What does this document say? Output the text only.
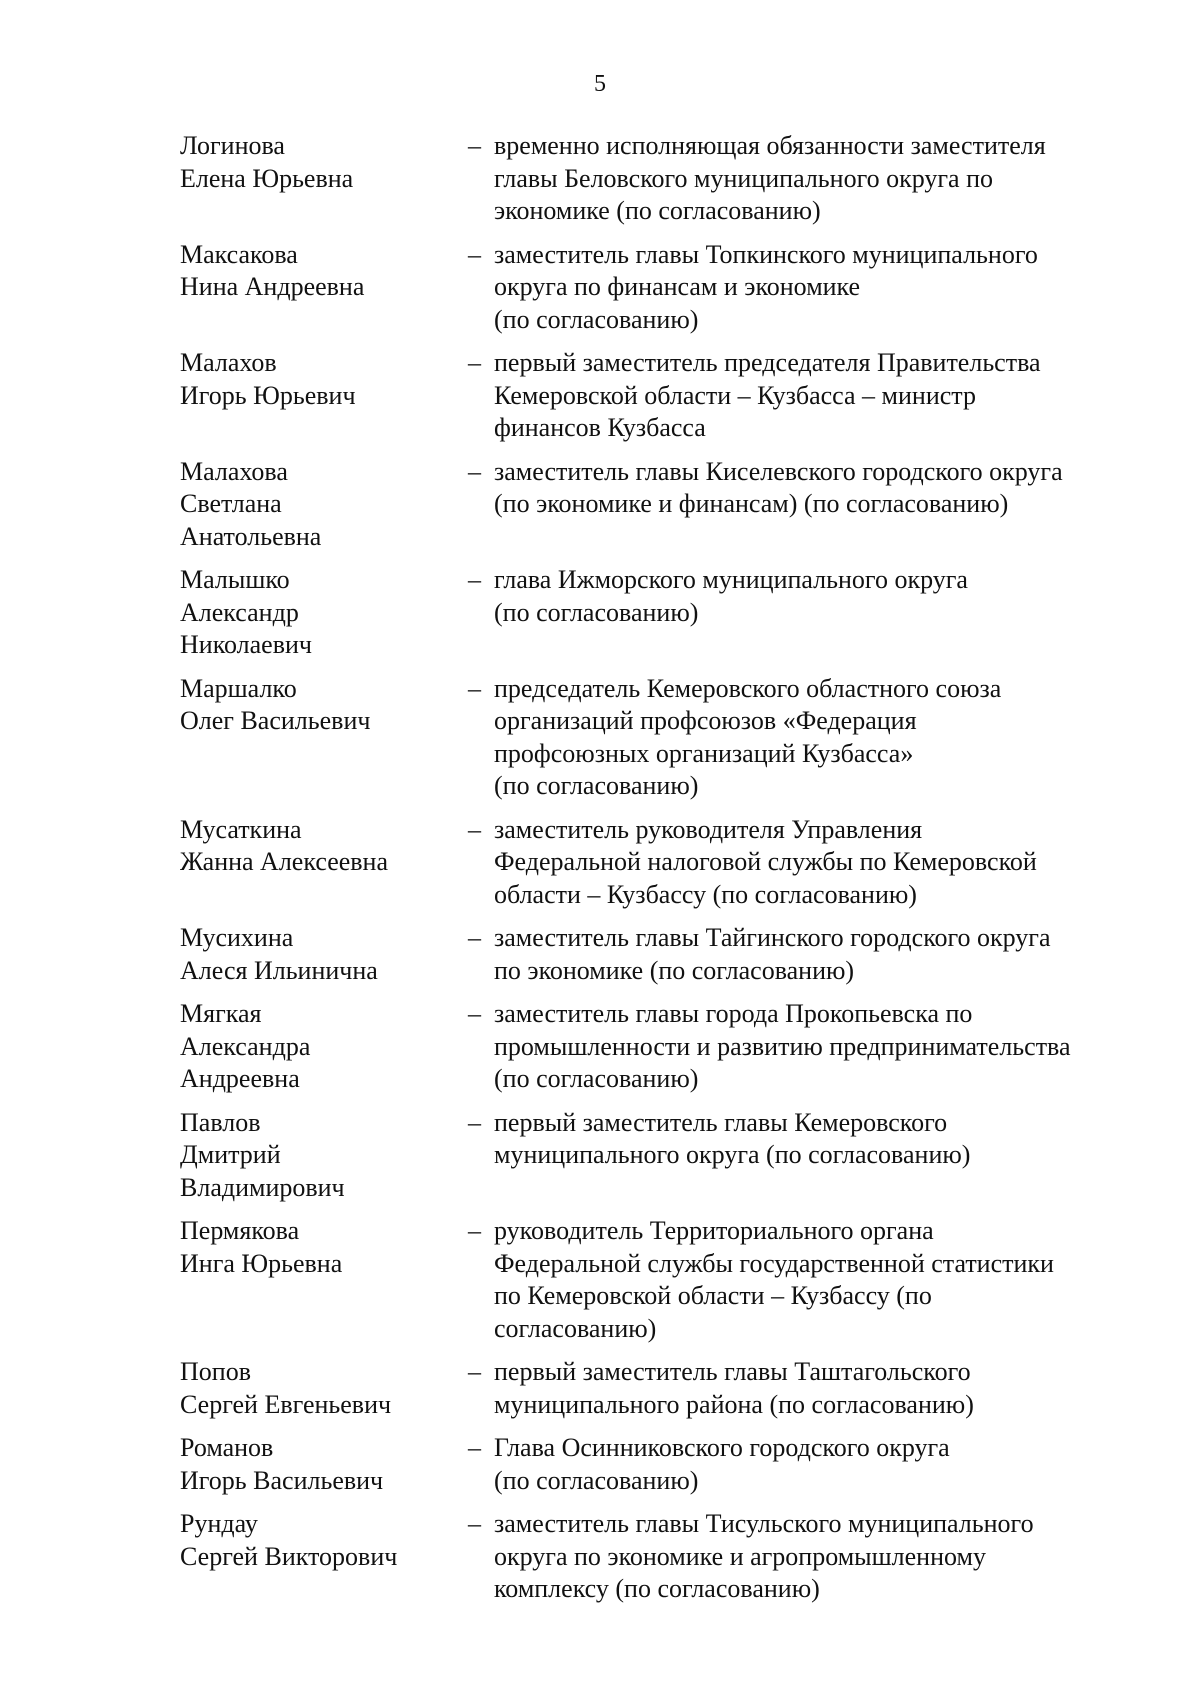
5
Логинова
Елена Юрьевна
– временно исполняющая обязанности заместителя
главы Беловского муниципального округа по
экономике (по согласованию)
Максакова
Нина Андреевна
– заместитель главы Топкинского муниципального
округа по финансам и экономике
(по согласованию)
Малахов
Игорь Юрьевич
– первый заместитель председателя Правительства
Кемеровской области – Кузбасса – министр
финансов Кузбасса
Малахова
Светлана
Анатольевна
– заместитель главы Киселевского городского округа
(по экономике и финансам) (по согласованию)
Малышко
Александр
Николаевич
– глава Ижморского муниципального округа
(по согласованию)
Маршалко
Олег Васильевич
– председатель Кемеровского областного союза
организаций профсоюзов «Федерация
профсоюзных организаций Кузбасса»
(по согласованию)
Мусаткина
Жанна Алексеевна
– заместитель руководителя Управления
Федеральной налоговой службы по Кемеровской
области – Кузбассу (по согласованию)
Мусихина
Алеся Ильинична
– заместитель главы Тайгинского городского округа
по экономике (по согласованию)
Мягкая
Александра
Андреевна
– заместитель главы города Прокопьевска по
промышленности и развитию предпринимательства
(по согласованию)
Павлов
Дмитрий
Владимирович
– первый заместитель главы Кемеровского
муниципального округа (по согласованию)
Пермякова
Инга Юрьевна
– руководитель Территориального органа
Федеральной службы государственной статистики
по Кемеровской области – Кузбассу (по
согласованию)
Попов
Сергей Евгеньевич
– первый заместитель главы Таштагольского
муниципального района (по согласованию)
Романов
Игорь Васильевич
– Глава Осинниковского городского округа
(по согласованию)
Рундау
Сергей Викторович
– заместитель главы Тисульского муниципального
округа по экономике и агропромышленному
комплексу (по согласованию)
